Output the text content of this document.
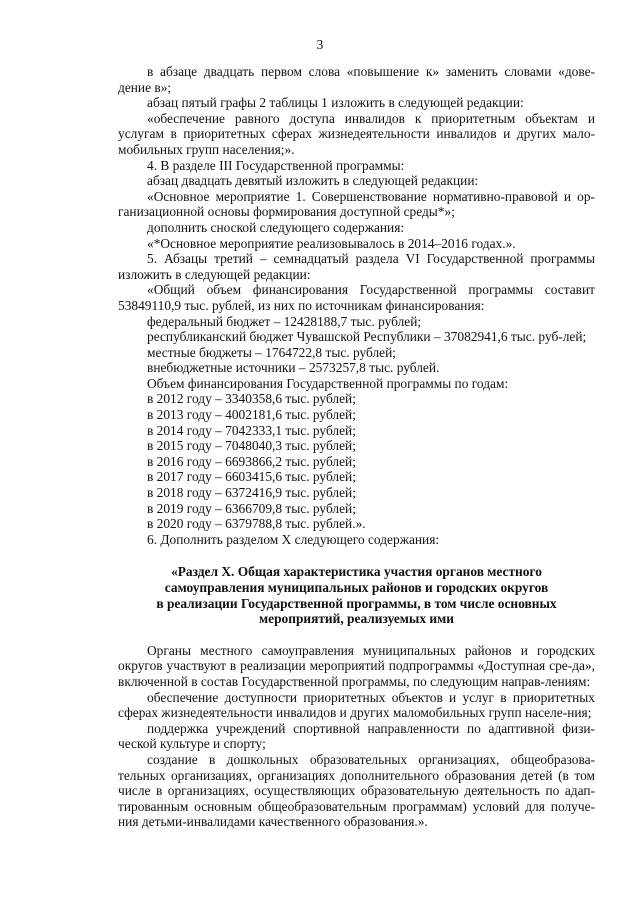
3

в абзаце двадцать первом слова «повышение к» заменить словами «дове-дение в»;

абзац пятый графы 2 таблицы 1 изложить в следующей редакции:

«обеспечение равного доступа инвалидов к приоритетным объектам и услугам в приоритетных сферах жизнедеятельности инвалидов и других мало-мобильных групп населения;».

4. В разделе III Государственной программы:

абзац двадцать девятый изложить в следующей редакции:

«Основное мероприятие 1. Совершенствование нормативно-правовой и ор-ганизационной основы формирования доступной среды*»;

дополнить сноской следующего содержания:

«*Основное мероприятие реализовывалось в 2014–2016 годах.».

5. Абзацы третий – семнадцатый раздела VI Государственной программы изложить в следующей редакции:

«Общий объем финансирования Государственной программы составит 53849110,9 тыс. рублей, из них по источникам финансирования:

федеральный бюджет – 12428188,7 тыс. рублей;

республиканский бюджет Чувашской Республики – 37082941,6 тыс. руб-лей;

местные бюджеты – 1764722,8 тыс. рублей;

внебюджетные источники – 2573257,8 тыс. рублей.

Объем финансирования Государственной программы по годам:

в 2012 году – 3340358,6 тыс. рублей;

в 2013 году – 4002181,6 тыс. рублей;

в 2014 году – 7042333,1 тыс. рублей;

в 2015 году – 7048040,3 тыс. рублей;

в 2016 году – 6693866,2 тыс. рублей;

в 2017 году – 6603415,6 тыс. рублей;

в 2018 году – 6372416,9 тыс. рублей;

в 2019 году – 6366709,8 тыс. рублей;

в 2020 году – 6379788,8 тыс. рублей.».

6. Дополнить разделом X следующего содержания:

«Раздел X. Общая характеристика участия органов местного
самоуправления муниципальных районов и городских округов
в реализации Государственной программы, в том числе основных
мероприятий, реализуемых ими

Органы местного самоуправления муниципальных районов и городских округов участвуют в реализации мероприятий подпрограммы «Доступная сре-да», включенной в состав Государственной программы, по следующим направ-лениям:

обеспечение доступности приоритетных объектов и услуг в приоритетных сферах жизнедеятельности инвалидов и других маломобильных групп населе-ния;

поддержка учреждений спортивной направленности по адаптивной физи-ческой культуре и спорту;

создание в дошкольных образовательных организациях, общеобразова-тельных организациях, организациях дополнительного образования детей (в том числе в организациях, осуществляющих образовательную деятельность по адап-тированным основным общеобразовательным программам) условий для получе-ния детьми-инвалидами качественного образования.».
